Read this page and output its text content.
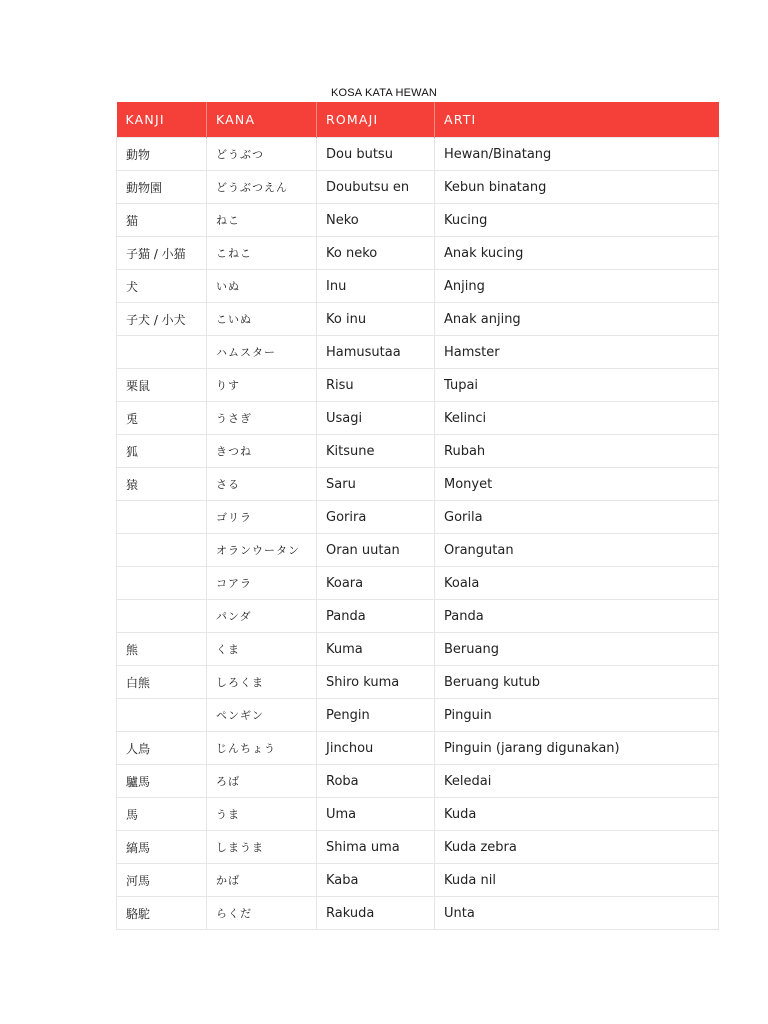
KOSA KATA HEWAN
KANJI	KANA	ROMAJI	ARTI
動物	どうぶつ	Dou butsu	Hewan/Binatang
動物園	どうぶつえん	Doubutsu en	Kebun binatang
猫	ねこ	Neko	Kucing
子猫 / 小猫	こねこ	Ko neko	Anak kucing
犬	いぬ	Inu	Anjing
子犬 / 小犬	こいぬ	Ko inu	Anak anjing
	ハムスター	Hamusutaa	Hamster
栗鼠	りす	Risu	Tupai
兎	うさぎ	Usagi	Kelinci
狐	きつね	Kitsune	Rubah
猿	さる	Saru	Monyet
	ゴリラ	Gorira	Gorila
	オランウータン	Oran uutan	Orangutan
	コアラ	Koara	Koala
	パンダ	Panda	Panda
熊	くま	Kuma	Beruang
白熊	しろくま	Shiro kuma	Beruang kutub
	ペンギン	Pengin	Pinguin
人鳥	じんちょう	Jinchou	Pinguin (jarang digunakan)
驢馬	ろば	Roba	Keledai
馬	うま	Uma	Kuda
縞馬	しまうま	Shima uma	Kuda zebra
河馬	かば	Kaba	Kuda nil
駱駝	らくだ	Rakuda	Unta
